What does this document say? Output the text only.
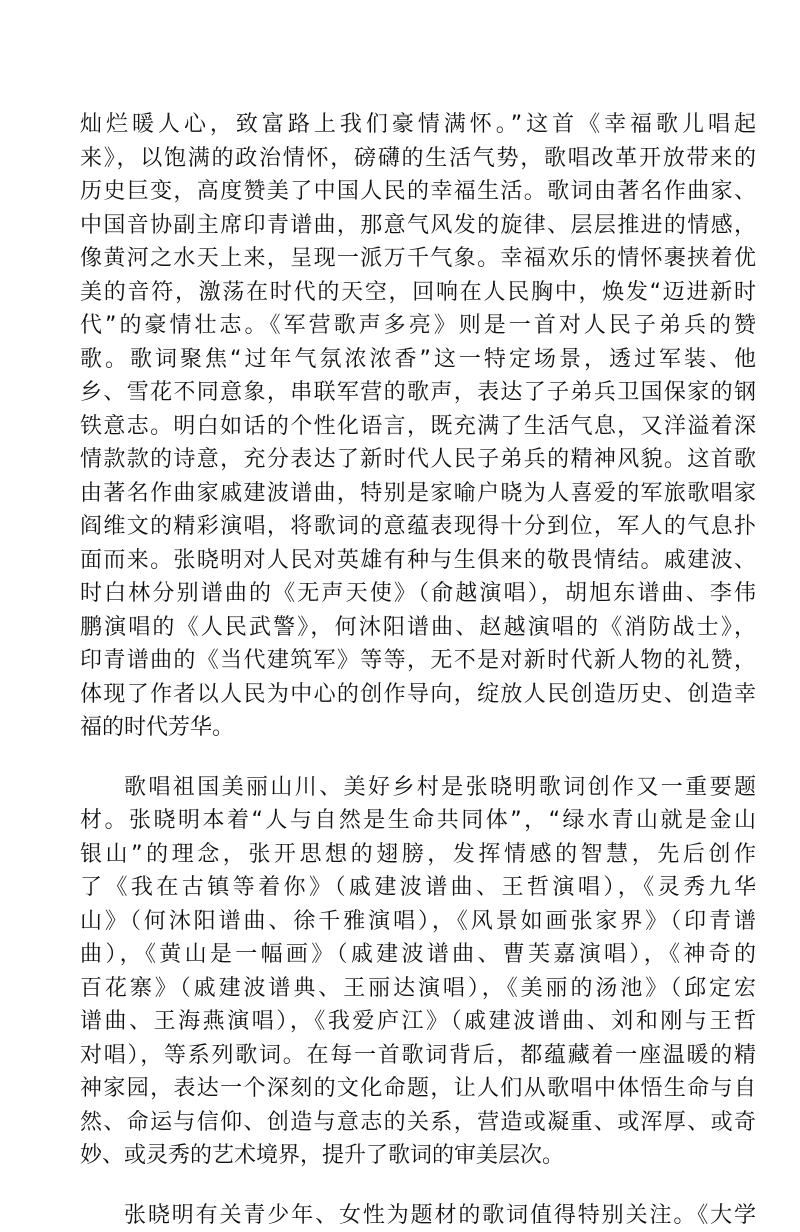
灿烂暖人心，致富路上我们豪情满怀。”这首《幸福歌儿唱起
来》，以饱满的政治情怀，磅礴的生活气势，歌唱改革开放带来的
历史巨变，高度赞美了中国人民的幸福生活。歌词由著名作曲家、
中国音协副主席印青谱曲，那意气风发的旋律、层层推进的情感，
像黄河之水天上来，呈现一派万千气象。幸福欢乐的情怀裹挟着优
美的音符，激荡在时代的天空，回响在人民胸中，焕发“迈进新时
代”的豪情壮志。《军营歌声多亮》则是一首对人民子弟兵的赞
歌。歌词聚焦“过年气氛浓浓香”这一特定场景，透过军装、他
乡、雪花不同意象，串联军营的歌声，表达了子弟兵卫国保家的钢
铁意志。明白如话的个性化语言，既充满了生活气息，又洋溢着深
情款款的诗意，充分表达了新时代人民子弟兵的精神风貌。这首歌
由著名作曲家戚建波谱曲，特别是家喻户晓为人喜爱的军旅歌唱家
阎维文的精彩演唱，将歌词的意蕴表现得十分到位，军人的气息扑
面而来。张晓明对人民对英雄有种与生俱来的敬畏情结。戚建波、
时白林分别谱曲的《无声天使》（俞越演唱），胡旭东谱曲、李伟
鹏演唱的《人民武警》，何沐阳谱曲、赵越演唱的《消防战士》，
印青谱曲的《当代建筑军》等等，无不是对新时代新人物的礼赞，
体现了作者以人民为中心的创作导向，绽放人民创造历史、创造幸
福的时代芳华。
歌唱祖国美丽山川、美好乡村是张晓明歌词创作又一重要题
材。张晓明本着“人与自然是生命共同体”，“绿水青山就是金山
银山”的理念，张开思想的翅膀，发挥情感的智慧，先后创作
了《我在古镇等着你》（戚建波谱曲、王哲演唱），《灵秀九华
山》（何沐阳谱曲、徐千雅演唱），《风景如画张家界》（印青谱
曲），《黄山是一幅画》（戚建波谱曲、曹芙嘉演唱），《神奇的
百花寨》（戚建波谱典、王丽达演唱），《美丽的汤池》（邱定宏
谱曲、王海燕演唱），《我爱庐江》（戚建波谱曲、刘和刚与王哲
对唱），等系列歌词。在每一首歌词背后，都蕴藏着一座温暖的精
神家园，表达一个深刻的文化命题，让人们从歌唱中体悟生命与自
然、命运与信仰、创造与意志的关系，营造或凝重、或浑厚、或奇
妙、或灵秀的艺术境界，提升了歌词的审美层次。
张晓明有关青少年、女性为题材的歌词值得特别关注。《大学
